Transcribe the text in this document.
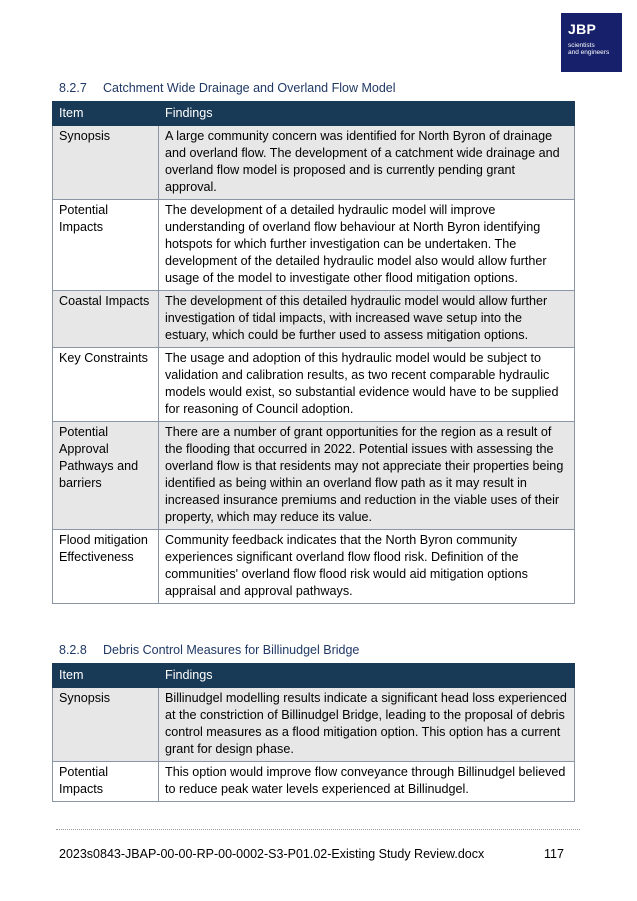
JBP
scientists
and engineers
8.2.7 Catchment Wide Drainage and Overland Flow Model
Item	Findings
Synopsis	A large community concern was identified for North Byron of drainage and overland flow. The development of a catchment wide drainage and overland flow model is proposed and is currently pending grant approval.
Potential Impacts	The development of a detailed hydraulic model will improve understanding of overland flow behaviour at North Byron identifying hotspots for which further investigation can be undertaken. The development of the detailed hydraulic model also would allow further usage of the model to investigate other flood mitigation options.
Coastal Impacts	The development of this detailed hydraulic model would allow further investigation of tidal impacts, with increased wave setup into the estuary, which could be further used to assess mitigation options.
Key Constraints	The usage and adoption of this hydraulic model would be subject to validation and calibration results, as two recent comparable hydraulic models would exist, so substantial evidence would have to be supplied for reasoning of Council adoption.
Potential Approval Pathways and barriers	There are a number of grant opportunities for the region as a result of the flooding that occurred in 2022. Potential issues with assessing the overland flow is that residents may not appreciate their properties being identified as being within an overland flow path as it may result in increased insurance premiums and reduction in the viable uses of their property, which may reduce its value.
Flood mitigation Effectiveness	Community feedback indicates that the North Byron community experiences significant overland flow flood risk. Definition of the communities' overland flow flood risk would aid mitigation options appraisal and approval pathways.
8.2.8 Debris Control Measures for Billinudgel Bridge
Item	Findings
Synopsis	Billinudgel modelling results indicate a significant head loss experienced at the constriction of Billinudgel Bridge, leading to the proposal of debris control measures as a flood mitigation option. This option has a current grant for design phase.
Potential Impacts	This option would improve flow conveyance through Billinudgel believed to reduce peak water levels experienced at Billinudgel.
2023s0843-JBAP-00-00-RP-00-0002-S3-P01.02-Existing Study Review.docx	117
